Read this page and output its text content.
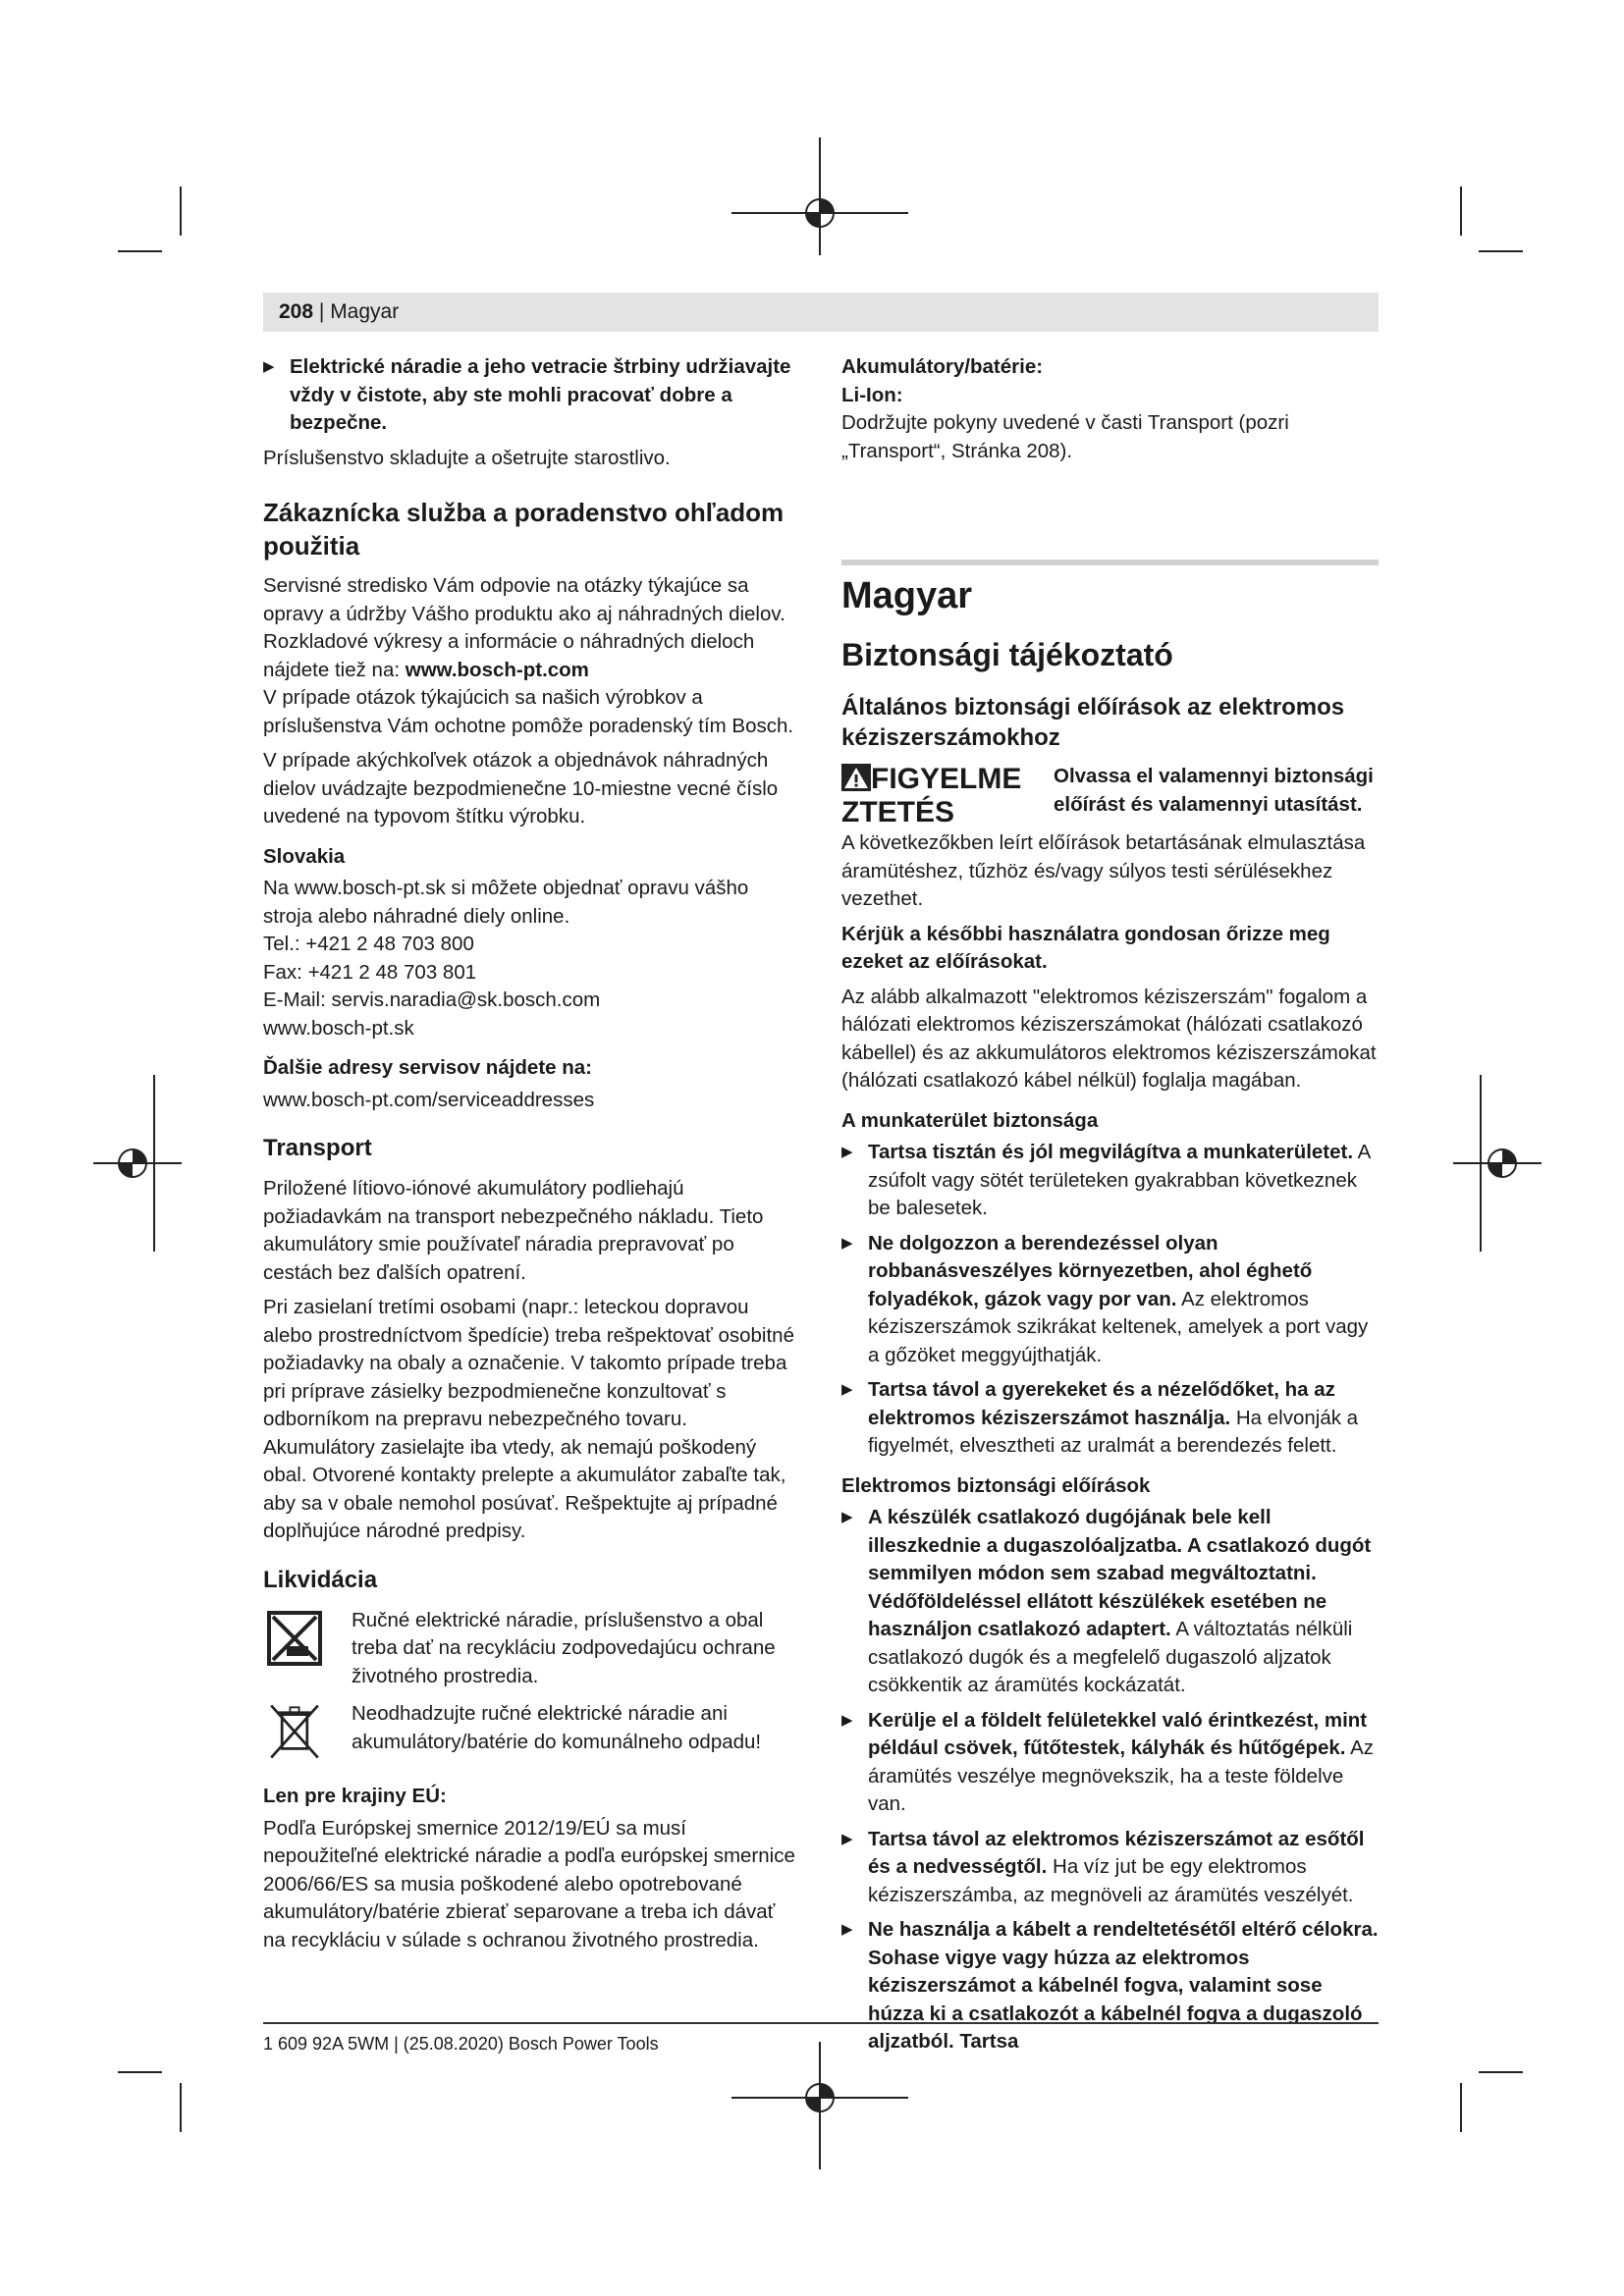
208 | Magyar
▶ Elektrické náradie a jeho vetracie štrbiny udržiavajte vždy v čistote, aby ste mohli pracovať dobre a bezpečne.

Príslušenstvo skladujte a ošetrujte starostlivo.

Zákaznícka služba a poradenstvo ohľadom použitia

Servisné stredisko Vám odpovie na otázky týkajúce sa opravy a údržby Vášho produktu ako aj náhradných dielov. Rozkladové výkresy a informácie o náhradných dieloch nájdete tiež na: www.bosch-pt.com

V prípade otázok týkajúcich sa našich výrobkov a príslušenstva Vám ochotne pomôže poradenský tím Bosch.

V prípade akýchkoľvek otázok a objednávok náhradných dielov uvádzajte bezpodmienečne 10-miestne vecné číslo uvedené na typovom štítku výrobku.

Slovakia
Na www.bosch-pt.sk si môžete objednať opravu vášho stroja alebo náhradné diely online.
Tel.: +421 2 48 703 800
Fax: +421 2 48 703 801
E-Mail: servis.naradia@sk.bosch.com
www.bosch-pt.sk
Ďalšie adresy servisov nájdete na:

www.bosch-pt.com/serviceaddresses

Transport

Priložené lítiovo-iónové akumulátory podliehajú požiadavkám na transport nebezpečného nákladu. Tieto akumulátory smie používateľ náradia prepravovať po cestách bez ďalších opatrení.

Pri zasielaní tretími osobami (napr.: leteckou dopravou alebo prostredníctvom špedície) treba rešpektovať osobitné požiadavky na obaly a označenie. V takomto prípade treba pri príprave zásielky bezpodmienečne konzultovať s odborníkom na prepravu nebezpečného tovaru.

Akumulátory zasielajte iba vtedy, ak nemajú poškodený obal. Otvorené kontakty prelepte a akumulátor zabaľte tak, aby sa v obale nemohol posúvať. Rešpektujte aj prípadné doplňujúce národné predpisy.

Likvidácia
Ručné elektrické náradie, príslušenstvo a obal treba dať na recykláciu zodpovedajúcu ochrane životného prostredia.
Neodhadzujte ručné elektrické náradie ani akumulátory/batérie do komunálneho odpadu!
Len pre krajiny EÚ:

Podľa Európskej smernice 2012/19/EÚ sa musí nepoužiteľné elektrické náradie a podľa európskej smernice 2006/66/ES sa musia poškodené alebo opotrebované akumulátory/batérie zbierať separovane a treba ich dávať na recykláciu v súlade s ochranou životného prostredia.

Akumulátory/batérie:
Li-Ion:

Dodržujte pokyny uvedené v časti Transport (pozri „Transport“, Stránka 208).

Magyar
Biztonsági tájékoztató
Általános biztonsági előírások az elektromos kéziszerszámokhoz
FIGYELMEZTETÉS
Olvassa el valamennyi biztonsági előírást és valamennyi utasítást.

A következőkben leírt előírások betartásának elmulasztása áramütéshez, tűzhöz és/vagy súlyos testi sérülésekhez vezethet.

Kérjük a későbbi használatra gondosan őrizze meg ezeket az előírásokat.

Az alább alkalmazott "elektromos kéziszerszám" fogalom a hálózati elektromos kéziszerszámokat (hálózati csatlakozó kábellel) és az akkumulátoros elektromos kéziszerszámokat (hálózati csatlakozó kábel nélkül) foglalja magában.

A munkaterület biztonsága
▶ Tartsa tisztán és jól megvilágítva a munkaterületet. A zsúfolt vagy sötét területeken gyakrabban következnek be balesetek.
▶ Ne dolgozzon a berendezéssel olyan robbanásveszélyes környezetben, ahol éghető folyadékok, gázok vagy por van. Az elektromos kéziszerszámok szikrákat keltenek, amelyek a port vagy a gőzöket meggyújthatják.
▶ Tartsa távol a gyerekeket és a nézelődőket, ha az elektromos kéziszerszámot használja. Ha elvonják a figyelmét, elvesztheti az uralmát a berendezés felett.
Elektromos biztonsági előírások
▶ A készülék csatlakozó dugójának bele kell illeszkednie a dugaszolóaljzatba. A csatlakozó dugót semmilyen módon sem szabad megváltoztatni. Védőföldeléssel ellátott készülékek esetében ne használjon csatlakozó adaptert. A változtatás nélküli csatlakozó dugók és a megfelelő dugaszoló aljzatok csökkentik az áramütés kockázatát.
▶ Kerülje el a földelt felületekkel való érintkezést, mint például csövek, fűtőtestek, kályhák és hűtőgépek. Az áramütés veszélye megnövekszik, ha a teste földelve van.
▶ Tartsa távol az elektromos kéziszerszámot az esőtől és a nedvességtől. Ha víz jut be egy elektromos kéziszerszámba, az megnöveli az áramütés veszélyét.
▶ Ne használja a kábelt a rendeltetésétől eltérő célokra. Sohase vigye vagy húzza az elektromos kéziszerszámot a kábelnél fogva, valamint sose húzza ki a csatlakozót a kábelnél fogva a dugaszoló aljzatból. Tartsa
1 609 92A 5WM | (25.08.2020) Bosch Power Tools
